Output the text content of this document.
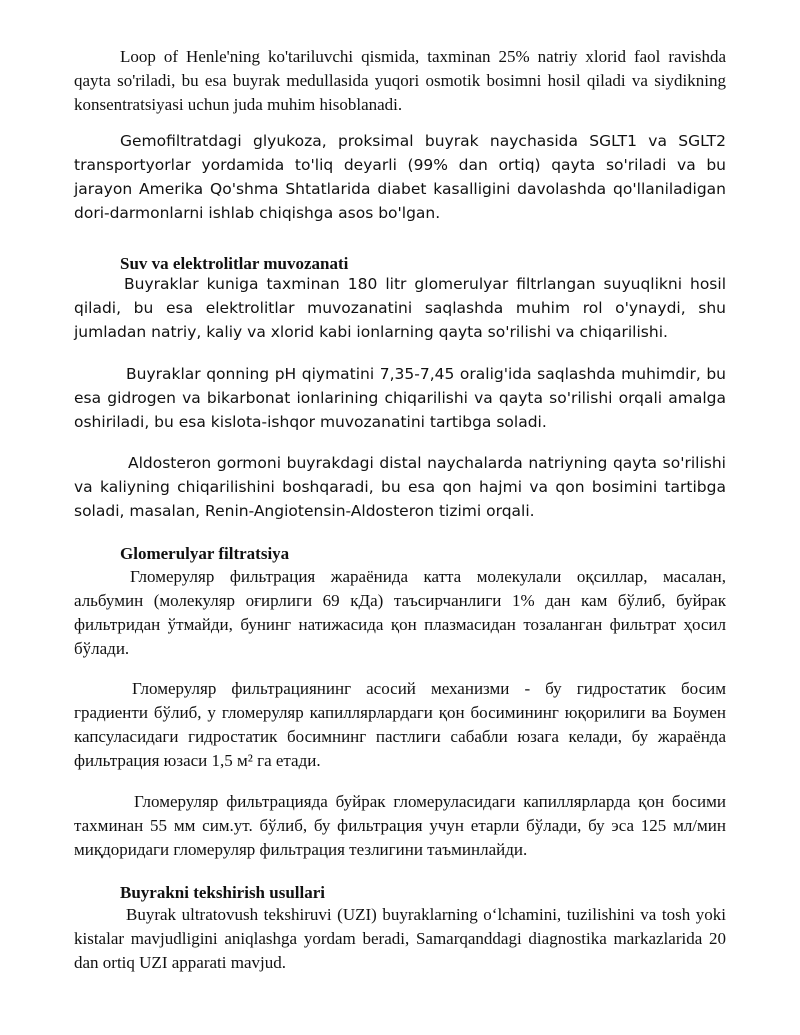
Loop of Henle'ning ko'tariluvchi qismida, taxminan 25% natriy xlorid faol ravishda qayta so'riladi, bu esa buyrak medullasida yuqori osmotik bosimni hosil qiladi va siydikning konsentratsiyasi uchun juda muhim hisoblanadi.

Gemofiltratdagi glyukoza, proksimal buyrak naychasida SGLT1 va SGLT2 transportyorlar yordamida to'liq deyarli (99% dan ortiq) qayta so'riladi va bu jarayon Amerika Qo'shma Shtatlarida diabet kasalligini davolashda qo'llaniladigan dori-darmonlarni ishlab chiqishga asos bo'lgan.

Suv va elektrolitlar muvozanati

Buyraklar kuniga taxminan 180 litr glomerulyar filtrlangan suyuqlikni hosil qiladi, bu esa elektrolitlar muvozanatini saqlashda muhim rol o'ynaydi, shu jumladan natriy, kaliy va xlorid kabi ionlarning qayta so'rilishi va chiqarilishi.

Buyraklar qonning pH qiymatini 7,35-7,45 oralig'ida saqlashda muhimdir, bu esa gidrogen va bikarbonat ionlarining chiqarilishi va qayta so'rilishi orqali amalga oshiriladi, bu esa kislota-ishqor muvozanatini tartibga soladi.

Aldosteron gormoni buyrakdagi distal naychalarda natriyning qayta so'rilishi va kaliyning chiqarilishini boshqaradi, bu esa qon hajmi va qon bosimini tartibga soladi, masalan, Renin-Angiotensin-Aldosteron tizimi orqali.

Glomerulyar filtratsiya

Гломеруляр фильтрация жараёнида катта молекулали оқсиллар, масалан, альбумин (молекуляр оғирлиги 69 кДа) таъсирчанлиги 1% дан кам бўлиб, буйрак фильтридан ўтмайди, бунинг натижасида қон плазмасидан тозаланган фильтрат ҳосил бўлади.

Гломеруляр фильтрациянинг асосий механизми - бу гидростатик босим градиенти бўлиб, у гломеруляр капиллярлардаги қон босимининг юқорилиги ва Боумен капсуласидаги гидростатик босимнинг пастлиги сабабли юзага келади, бу жараёнда фильтрация юзаси 1,5 м² га етади.

Гломеруляр фильтрацияда буйрак гломерулаcидаги капиллярларда қон босими тахминан 55 мм сим.ут. бўлиб, бу фильтрация учун етарли бўлади, бу эса 125 мл/мин миқдоридаги гломеруляр фильтрация тезлигини таъминлайди.

Buyrakni tekshirish usullari

Buyrak ultratovush tekshiruvi (UZI) buyraklarning oʻlchamini, tuzilishini va tosh yoki kistalar mavjudligini aniqlashga yordam beradi, Samarqanddagi diagnostika markazlarida 20 dan ortiq UZI apparati mavjud.
